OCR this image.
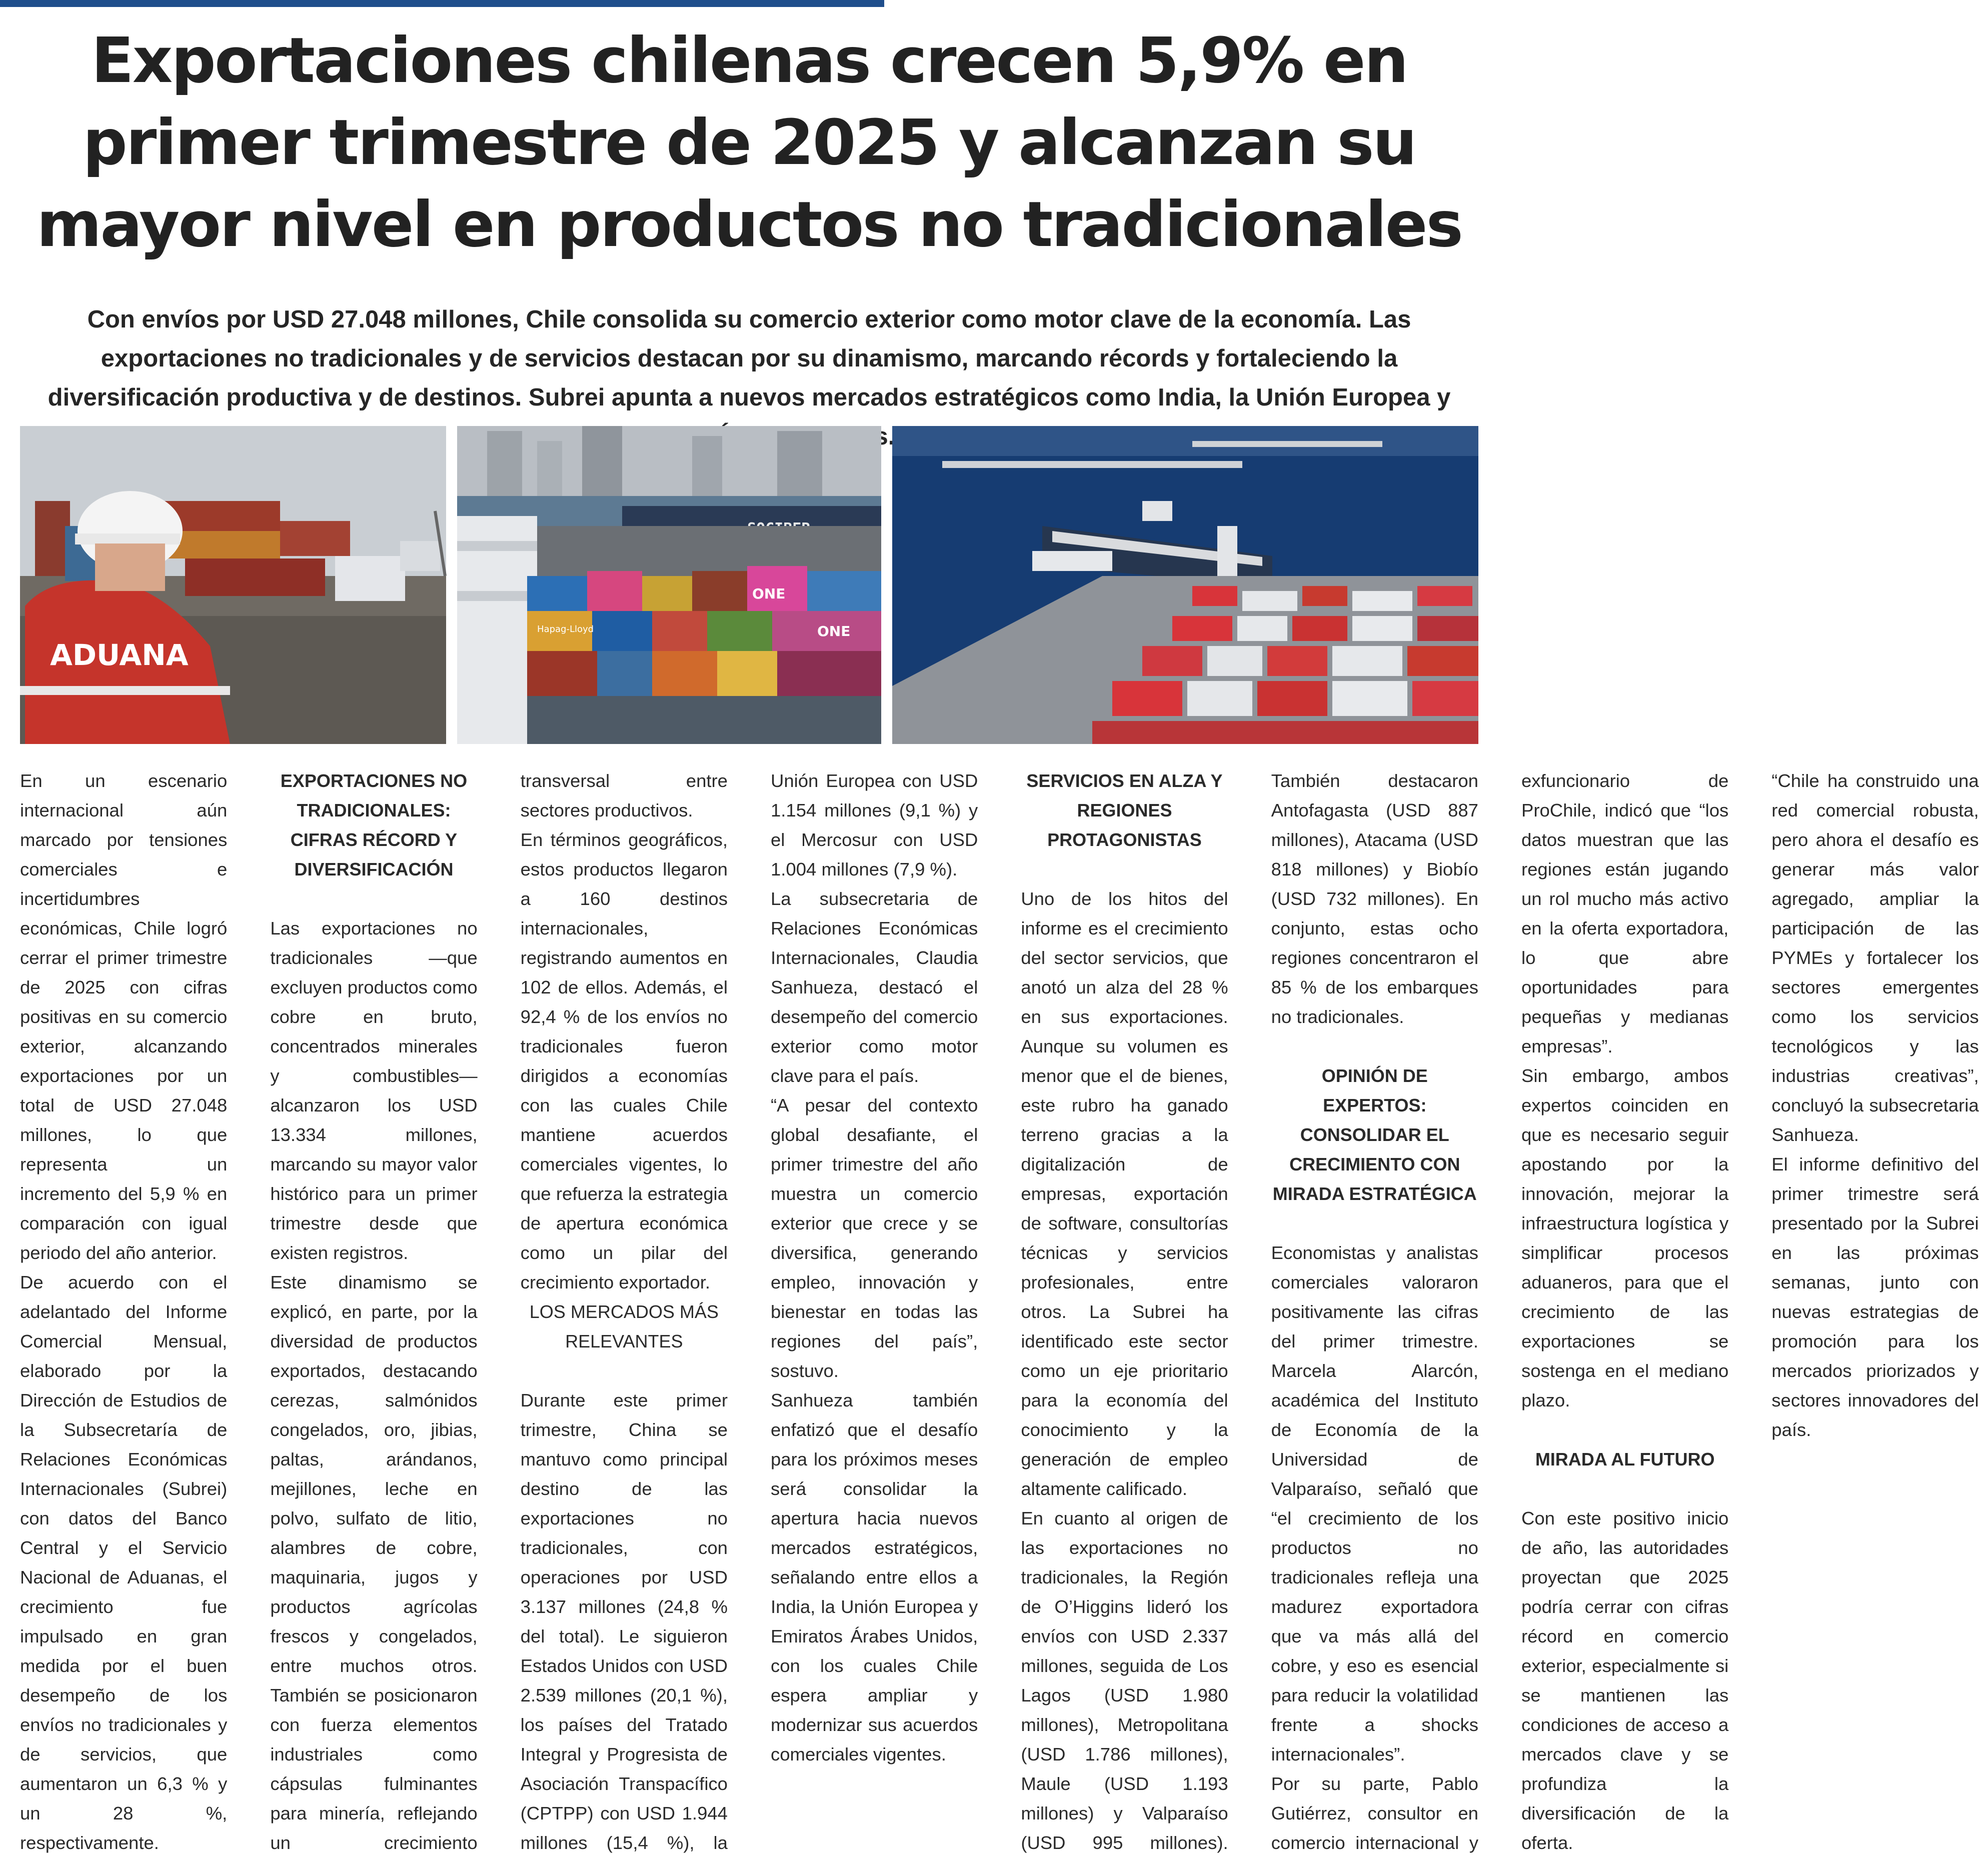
Exportaciones chilenas crecen 5,9% en primer trimestre de 2025 y alcanzan su mayor nivel en productos no tradicionales

Con envíos por USD 27.048 millones, Chile consolida su comercio exterior como motor clave de la economía. Las exportaciones no tradicionales y de servicios destacan por su dinamismo, marcando récords y fortaleciendo la diversificación productiva y de destinos. Subrei apunta a nuevos mercados estratégicos como India, la Unión Europea y

ADUANA
ONE
ONE
Hapag-Lloyd

En un escenario internacional aún marcado por tensiones comerciales e incertidumbres económicas, Chile logró cerrar el primer trimestre de 2025 con cifras positivas en su comercio exterior, alcanzando exportaciones por un total de USD 27.048 millones, lo que representa un incremento del 5,9 % en comparación con igual periodo del año anterior.

De acuerdo con el adelantado del Informe Comercial Mensual, elaborado por la Dirección de Estudios de la Subsecretaría de Relaciones Económicas Internacionales (Subrei) con datos del Banco Central y el Servicio Nacional de Aduanas, el crecimiento fue impulsado en gran medida por el buen desempeño de los envíos no tradicionales y de servicios, que aumentaron un 6,3 % y un 28 %, respectivamente.

EXPORTACIONES NO TRADICIONALES: CIFRAS RÉCORD Y DIVERSIFICACIÓN

Las exportaciones no tradicionales —que excluyen productos como cobre en bruto, concentrados minerales y combustibles— alcanzaron los USD 13.334 millones, marcando su mayor valor histórico para un primer trimestre desde que existen registros.

Este dinamismo se explicó, en parte, por la diversidad de productos exportados, destacando cerezas, salmónidos congelados, oro, jibias, paltas, arándanos, mejillones, leche en polvo, sulfato de litio, alambres de cobre, maquinaria, jugos y productos agrícolas frescos y congelados, entre muchos otros. También se posicionaron con fuerza elementos industriales como cápsulas fulminantes para minería, reflejando un crecimiento transversal entre sectores productivos.

En términos geográficos, estos productos llegaron a 160 destinos internacionales, registrando aumentos en 102 de ellos. Además, el 92,4 % de los envíos no tradicionales fueron dirigidos a economías con las cuales Chile mantiene acuerdos comerciales vigentes, lo que refuerza la estrategia de apertura económica como un pilar del crecimiento exportador.

LOS MERCADOS MÁS RELEVANTES

Durante este primer trimestre, China se mantuvo como principal destino de las exportaciones no tradicionales, con operaciones por USD 3.137 millones (24,8 % del total). Le siguieron Estados Unidos con USD 2.539 millones (20,1 %), los países del Tratado Integral y Progresista de Asociación Transpacífico (CPTPP) con USD 1.944 millones (15,4 %), la Unión Europea con USD 1.154 millones (9,1 %) y el Mercosur con USD 1.004 millones (7,9 %).

La subsecretaria de Relaciones Económicas Internacionales, Claudia Sanhueza, destacó el desempeño del comercio exterior como motor clave para el país.

“A pesar del contexto global desafiante, el primer trimestre del año muestra un comercio exterior que crece y se diversifica, generando empleo, innovación y bienestar en todas las regiones del país”, sostuvo.

Sanhueza también enfatizó que el desafío para los próximos meses será consolidar la apertura hacia nuevos mercados estratégicos, señalando entre ellos a India, la Unión Europea y Emiratos Árabes Unidos, con los cuales Chile espera ampliar y modernizar sus acuerdos comerciales vigentes.

SERVICIOS EN ALZA Y REGIONES PROTAGONISTAS

Uno de los hitos del informe es el crecimiento del sector servicios, que anotó un alza del 28 % en sus exportaciones. Aunque su volumen es menor que el de bienes, este rubro ha ganado terreno gracias a la digitalización de empresas, exportación de software, consultorías técnicas y servicios profesionales, entre otros. La Subrei ha identificado este sector como un eje prioritario para la economía del conocimiento y la generación de empleo altamente calificado.

En cuanto al origen de las exportaciones no tradicionales, la Región de O’Higgins lideró los envíos con USD 2.337 millones, seguida de Los Lagos (USD 1.980 millones), Metropolitana (USD 1.786 millones), Maule (USD 1.193 millones) y Valparaíso (USD 995 millones). También destacaron Antofagasta (USD 887 millones), Atacama (USD 818 millones) y Biobío (USD 732 millones). En conjunto, estas ocho regiones concentraron el 85 % de los embarques no tradicionales.

OPINIÓN DE EXPERTOS: CONSOLIDAR EL CRECIMIENTO CON MIRADA ESTRATÉGICA

Economistas y analistas comerciales valoraron positivamente las cifras del primer trimestre. Marcela Alarcón, académica del Instituto de Economía de la Universidad de Valparaíso, señaló que “el crecimiento de los productos no tradicionales refleja una madurez exportadora que va más allá del cobre, y eso es esencial para reducir la volatilidad frente a shocks internacionales”.

Por su parte, Pablo Gutiérrez, consultor en comercio internacional y exfuncionario de ProChile, indicó que “los datos muestran que las regiones están jugando un rol mucho más activo en la oferta exportadora, lo que abre oportunidades para pequeñas y medianas empresas”.

Sin embargo, ambos expertos coinciden en que es necesario seguir apostando por la innovación, mejorar la infraestructura logística y simplificar procesos aduaneros, para que el crecimiento de las exportaciones se sostenga en el mediano plazo.

MIRADA AL FUTURO

Con este positivo inicio de año, las autoridades proyectan que 2025 podría cerrar con cifras récord en comercio exterior, especialmente si se mantienen las condiciones de acceso a mercados clave y se profundiza la diversificación de la oferta.

“Chile ha construido una red comercial robusta, pero ahora el desafío es generar más valor agregado, ampliar la participación de las PYMEs y fortalecer los sectores emergentes como los servicios tecnológicos y las industrias creativas”, concluyó la subsecretaria Sanhueza.

El informe definitivo del primer trimestre será presentado por la Subrei en las próximas semanas, junto con nuevas estrategias de promoción para los mercados priorizados y sectores innovadores del país.
